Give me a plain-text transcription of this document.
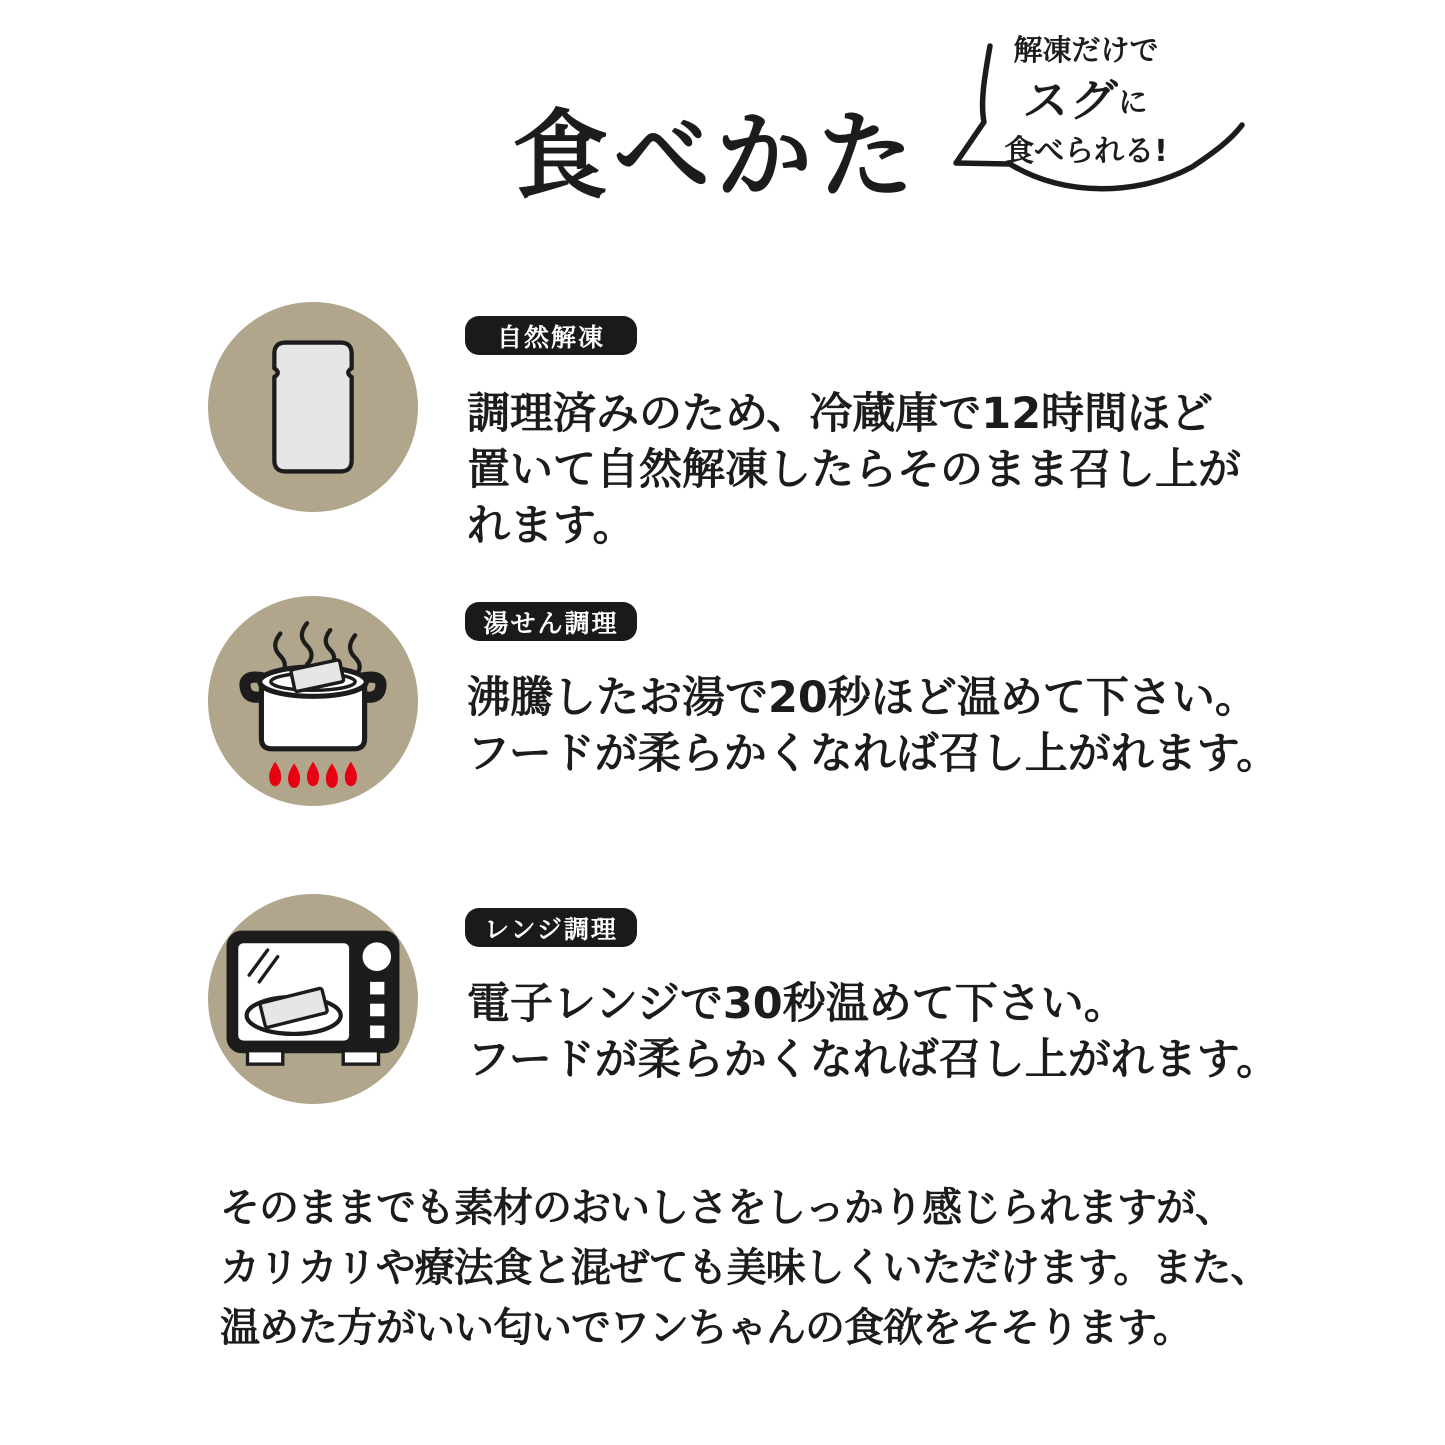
食べかた
解凍だけで
スグに
食べられる!
自然解凍
調理済みのため、冷蔵庫で12時間ほど
置いて自然解凍したらそのまま召し上が
れます。
湯せん調理
沸騰したお湯で20秒ほど温めて下さい。
フードが柔らかくなれば召し上がれます。
レンジ調理
電子レンジで30秒温めて下さい。
フードが柔らかくなれば召し上がれます。
そのままでも素材のおいしさをしっかり感じられますが、
カリカリや療法食と混ぜても美味しくいただけます。また、
温めた方がいい匂いでワンちゃんの食欲をそそります。
